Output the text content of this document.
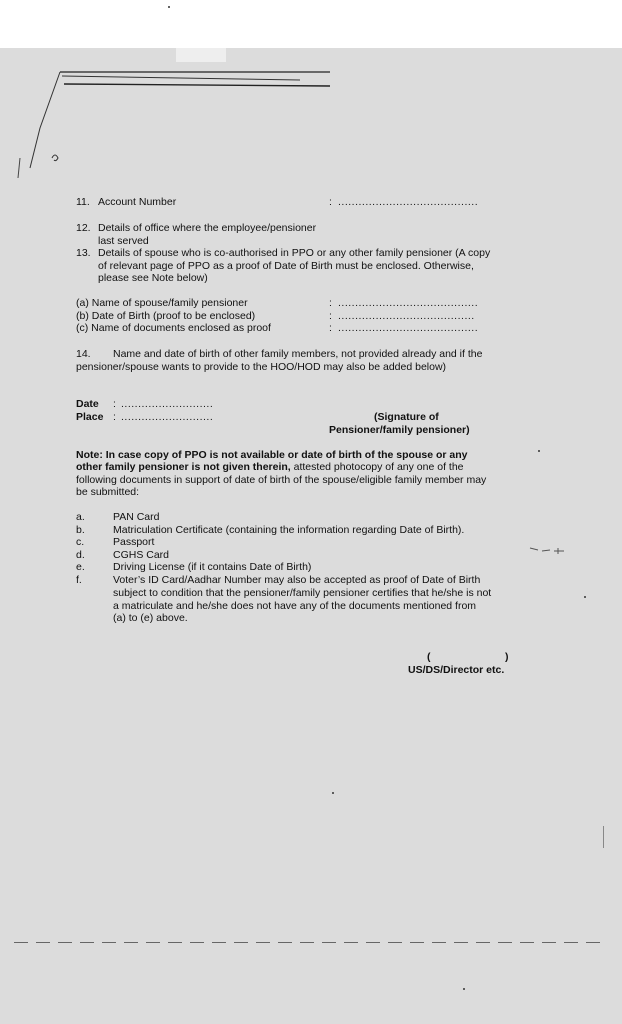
11. Account Number	: .........................................
12. Details of office where the employee/pensioner
last served
13. Details of spouse who is co-authorised in PPO or any other family pensioner (A copy
of relevant page of PPO as a proof of Date of Birth must be enclosed. Otherwise,
please see Note below)
(a) Name of spouse/family pensioner	: .........................................
(b) Date of Birth (proof to be enclosed)	: ........................................
(c) Name of documents enclosed as proof	: .........................................
14. Name and date of birth of other family members, not provided already and if the
pensioner/spouse wants to provide to the HOO/HOD may also be added below)
Date : ...........................
Place : ...........................	(Signature of
Pensioner/family pensioner)
Note: In case copy of PPO is not available or date of birth of the spouse or any
other family pensioner is not given therein, attested photocopy of any one of the
following documents in support of date of birth of the spouse/eligible family member may
be submitted:
a.	PAN Card
b.	Matriculation Certificate (containing the information regarding Date of Birth).
c.	Passport
d.	CGHS Card
e.	Driving License (if it contains Date of Birth)
f.	Voter’s ID Card/Aadhar Number may also be accepted as proof of Date of Birth
subject to condition that the pensioner/family pensioner certifies that he/she is not
a matriculate and he/she does not have any of the documents mentioned from
(a) to (e) above.
(	)
US/DS/Director etc.
